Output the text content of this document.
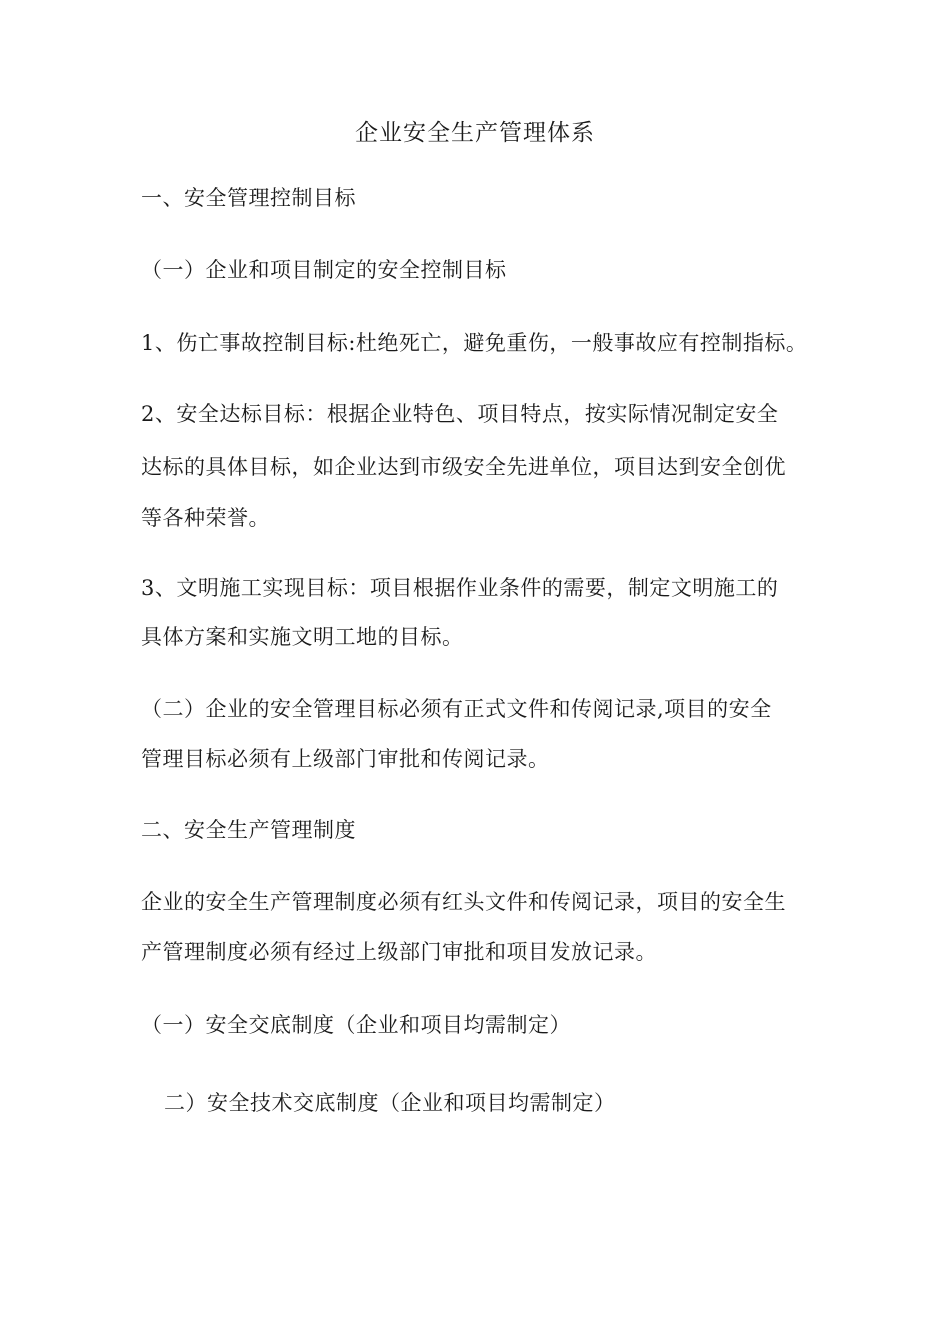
企业安全生产管理体系
一、安全管理控制目标
（一）企业和项目制定的安全控制目标
1、伤亡事故控制目标:杜绝死亡，避免重伤，一般事故应有控制指标。
2、安全达标目标：根据企业特色、项目特点，按实际情况制定安全
达标的具体目标，如企业达到市级安全先进单位，项目达到安全创优
等各种荣誉。
3、文明施工实现目标：项目根据作业条件的需要，制定文明施工的
具体方案和实施文明工地的目标。
（二）企业的安全管理目标必须有正式文件和传阅记录,项目的安全
管理目标必须有上级部门审批和传阅记录。
二、安全生产管理制度
企业的安全生产管理制度必须有红头文件和传阅记录，项目的安全生
产管理制度必须有经过上级部门审批和项目发放记录。
（一）安全交底制度（企业和项目均需制定）
二）安全技术交底制度（企业和项目均需制定）
